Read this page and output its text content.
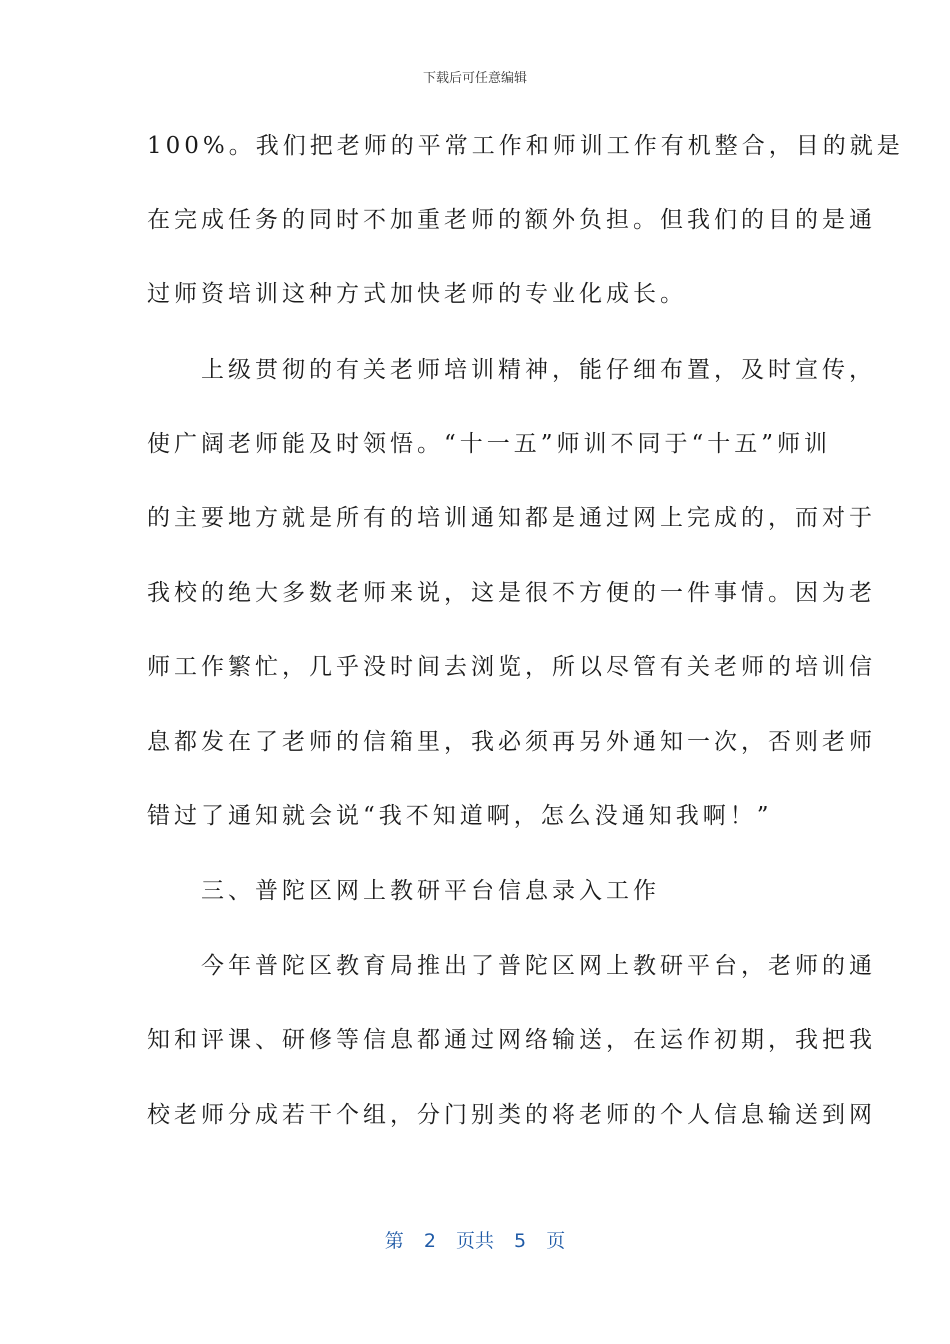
下载后可任意编辑
100%。我们把老师的平常工作和师训工作有机整合，目的就是
在完成任务的同时不加重老师的额外负担。但我们的目的是通
过师资培训这种方式加快老师的专业化成长。
　　上级贯彻的有关老师培训精神，能仔细布置，及时宣传，
使广阔老师能及时领悟。“十一五”师训不同于“十五”师训
的主要地方就是所有的培训通知都是通过网上完成的，而对于
我校的绝大多数老师来说，这是很不方便的一件事情。因为老
师工作繁忙，几乎没时间去浏览，所以尽管有关老师的培训信
息都发在了老师的信箱里，我必须再另外通知一次，否则老师
错过了通知就会说“我不知道啊，怎么没通知我啊！”
　　三、普陀区网上教研平台信息录入工作
　　今年普陀区教育局推出了普陀区网上教研平台，老师的通
知和评课、研修等信息都通过网络输送，在运作初期，我把我
校老师分成若干个组，分门别类的将老师的个人信息输送到网
第 2 页共 5 页
